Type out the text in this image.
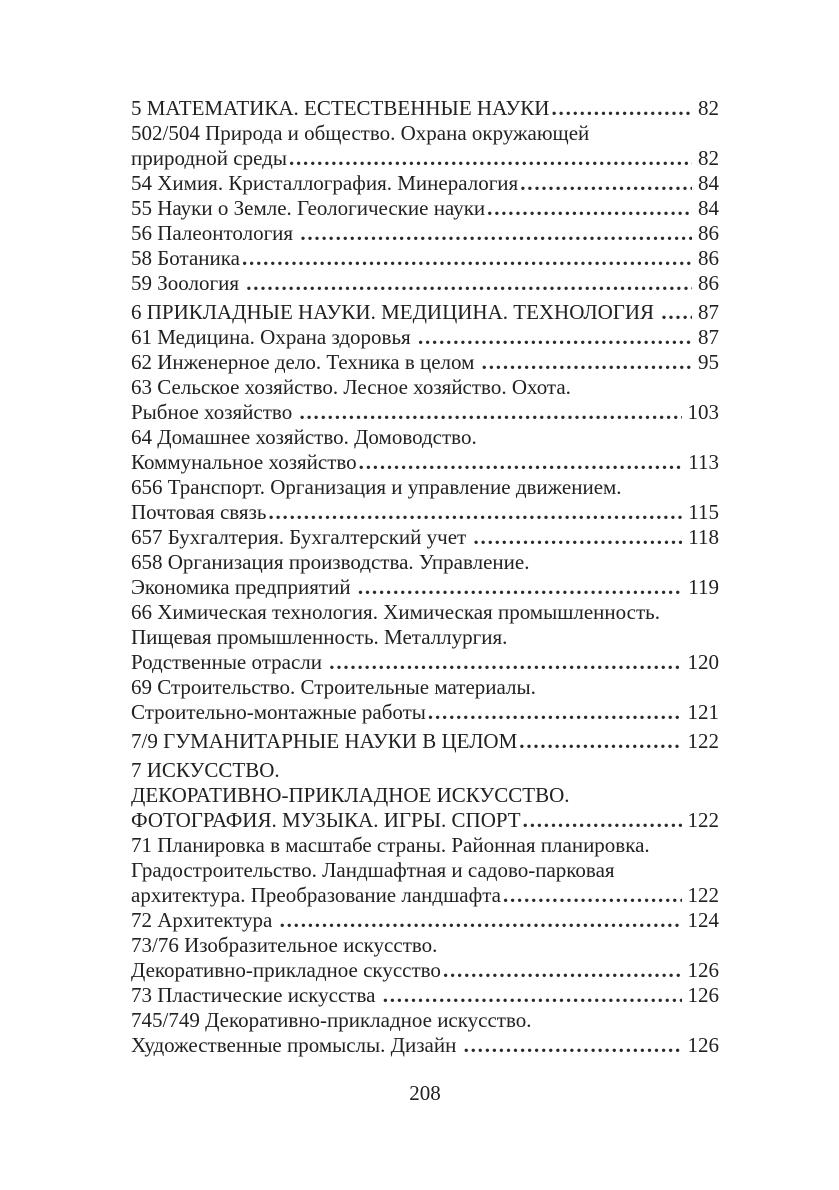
5 МАТЕМАТИКА. ЕСТЕСТВЕННЫЕ НАУКИ .....	82
502/504 Природа и общество. Охрана окружающей
природной среды .....	82
54 Химия. Кристаллография. Минералогия .....	84
55 Науки о Земле. Геологические науки .....	84
56 Палеонтология .....	86
58 Ботаника .....	86
59 Зоология .....	86
6 ПРИКЛАДНЫЕ НАУКИ. МЕДИЦИНА. ТЕХНОЛОГИЯ ..... 87
61 Медицина. Охрана здоровья .....	87
62 Инженерное дело. Техника в целом .....	95
63 Сельское хозяйство. Лесное хозяйство. Охота.
Рыбное хозяйство .....	103
64 Домашнее хозяйство. Домоводство.
Коммунальное хозяйство .....	113
656 Транспорт. Организация и управление движением.
Почтовая связь .....	115
657 Бухгалтерия. Бухгалтерский учет .....	118
658 Организация производства. Управление.
Экономика предприятий .....	119
66 Химическая технология. Химическая промышленность.
Пищевая промышленность. Металлургия.
Родственные отрасли .....	120
69 Строительство. Строительные материалы.
Строительно-монтажные работы .....	121
7/9 ГУМАНИТАРНЫЕ НАУКИ В ЦЕЛОМ .....	122
7 ИСКУССТВО.
ДЕКОРАТИВНО-ПРИКЛАДНОЕ ИСКУССТВО.
ФОТОГРАФИЯ. МУЗЫКА. ИГРЫ. СПОРТ .....	122
71 Планировка в масштабе страны. Районная планировка.
Градостроительство. Ландшафтная и садово-парковая
архитектура. Преобразование ландшафта .....	122
72 Архитектура .....	124
73/76 Изобразительное искусство.
Декоративно-прикладное скусство .....	126
73 Пластические искусства .....	126
745/749 Декоративно-прикладное искусство.
Художественные промыслы. Дизайн .....	126
208
